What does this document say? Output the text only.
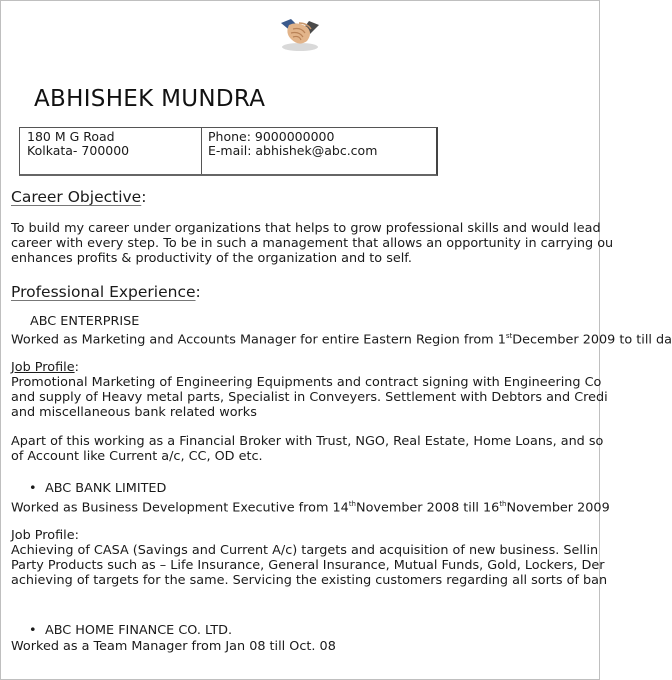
ABHISHEK MUNDRA
180 M G Road
Kolkata- 700000
Phone: 9000000000
E-mail: abhishek@abc.com
Career Objective:
To build my career under organizations that helps to grow professional skills and would lead
career with every step. To be in such a management that allows an opportunity in carrying ou
enhances profits & productivity of the organization and to self.
Professional Experience:
ABC ENTERPRISE
Worked as Marketing and Accounts Manager for entire Eastern Region from 1stDecember 2009 to till da
Job Profile:
Promotional Marketing of Engineering Equipments and contract signing with Engineering Co
and supply of Heavy metal parts, Specialist in Conveyers. Settlement with Debtors and Credi
and miscellaneous bank related works
Apart of this working as a Financial Broker with Trust, NGO, Real Estate, Home Loans, and so
of Account like Current a/c, CC, OD etc.
• ABC BANK LIMITED
Worked as Business Development Executive from 14thNovember 2008 till 16thNovember 2009
Job Profile:
Achieving of CASA (Savings and Current A/c) targets and acquisition of new business. Sellin
Party Products such as – Life Insurance, General Insurance, Mutual Funds, Gold, Lockers, Der
achieving of targets for the same. Servicing the existing customers regarding all sorts of ban
• ABC HOME FINANCE CO. LTD.
Worked as a Team Manager from Jan 08 till Oct. 08
